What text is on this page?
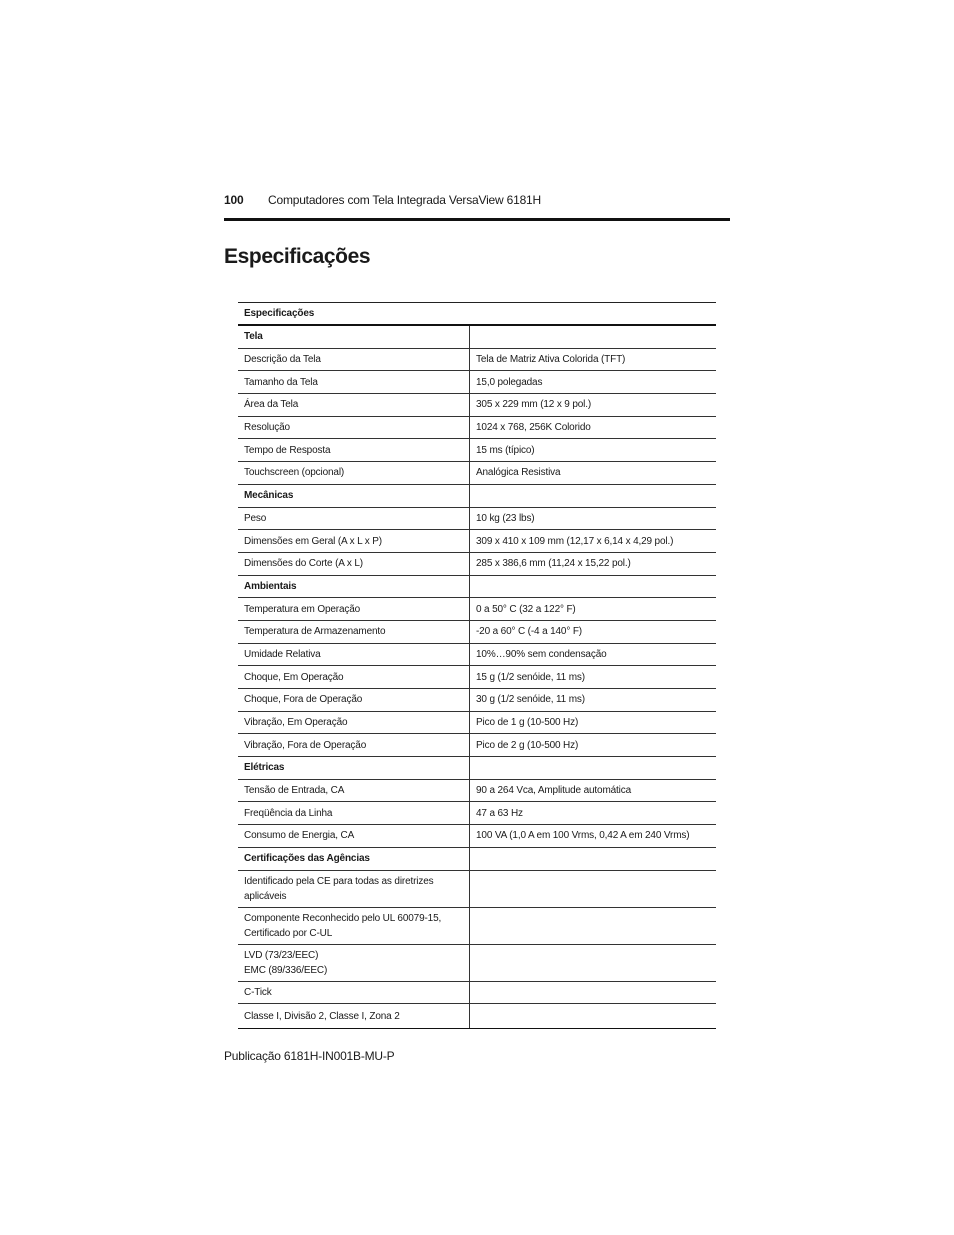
100 Computadores com Tela Integrada VersaView 6181H
Especificações
Especificações	
Tela	
Descrição da Tela	Tela de Matriz Ativa Colorida (TFT)
Tamanho da Tela	15,0 polegadas
Área da Tela	305 x 229 mm (12 x 9 pol.)
Resolução	1024 x 768, 256K Colorido
Tempo de Resposta	15 ms (típico)
Touchscreen (opcional)	Analógica Resistiva
Mecânicas	
Peso	10 kg (23 lbs)
Dimensões em Geral (A x L x P)	309 x 410 x 109 mm (12,17 x 6,14 x 4,29 pol.)
Dimensões do Corte (A x L)	285 x 386,6 mm (11,24 x 15,22 pol.)
Ambientais	
Temperatura em Operação	0 a 50° C (32 a 122° F)
Temperatura de Armazenamento	-20 a 60° C (-4 a 140° F)
Umidade Relativa	10%…90% sem condensação
Choque, Em Operação	15 g (1/2 senóide, 11 ms)
Choque, Fora de Operação	30 g (1/2 senóide, 11 ms)
Vibração, Em Operação	Pico de 1 g (10-500 Hz)
Vibração, Fora de Operação	Pico de 2 g (10-500 Hz)
Elétricas	
Tensão de Entrada, CA	90 a 264 Vca, Amplitude automática
Freqüência da Linha	47 a 63 Hz
Consumo de Energia, CA	100 VA (1,0 A em 100 Vrms, 0,42 A em 240 Vrms)
Certificações das Agências	
Identificado pela CE para todas as diretrizes aplicáveis	
Componente Reconhecido pelo UL 60079-15, Certificado por C-UL	
LVD (73/23/EEC)
EMC (89/336/EEC)	
C-Tick	
Classe I, Divisão 2, Classe I, Zona 2	
Publicação 6181H-IN001B-MU-P
